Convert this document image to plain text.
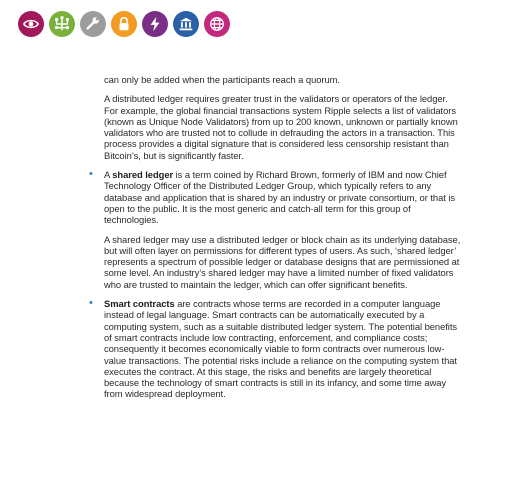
can only be added when the participants reach a quorum.

A distributed ledger requires greater trust in the validators or operators of the ledger. For example, the global financial transactions system Ripple selects a list of validators (known as Unique Node Validators) from up to 200 known, unknown or partially known validators who are trusted not to collude in defrauding the actors in a transaction. This process provides a digital signature that is considered less censorship resistant than Bitcoin’s, but is significantly faster.

• A shared ledger is a term coined by Richard Brown, formerly of IBM and now Chief Technology Officer of the Distributed Ledger Group, which typically refers to any database and application that is shared by an industry or private consortium, or that is open to the public. It is the most generic and catch-all term for this group of technologies.

A shared ledger may use a distributed ledger or block chain as its underlying database, but will often layer on permissions for different types of users. As such, ‘shared ledger’ represents a spectrum of possible ledger or database designs that are permissioned at some level. An industry’s shared ledger may have a limited number of fixed validators who are trusted to maintain the ledger, which can offer significant benefits.

• Smart contracts are contracts whose terms are recorded in a computer language instead of legal language. Smart contracts can be automatically executed by a computing system, such as a suitable distributed ledger system. The potential benefits of smart contracts include low contracting, enforcement, and compliance costs; consequently it becomes economically viable to form contracts over numerous low-value transactions. The potential risks include a reliance on the computing system that executes the contract. At this stage, the risks and benefits are largely theoretical because the technology of smart contracts is still in its infancy, and some time away from widespread deployment.
